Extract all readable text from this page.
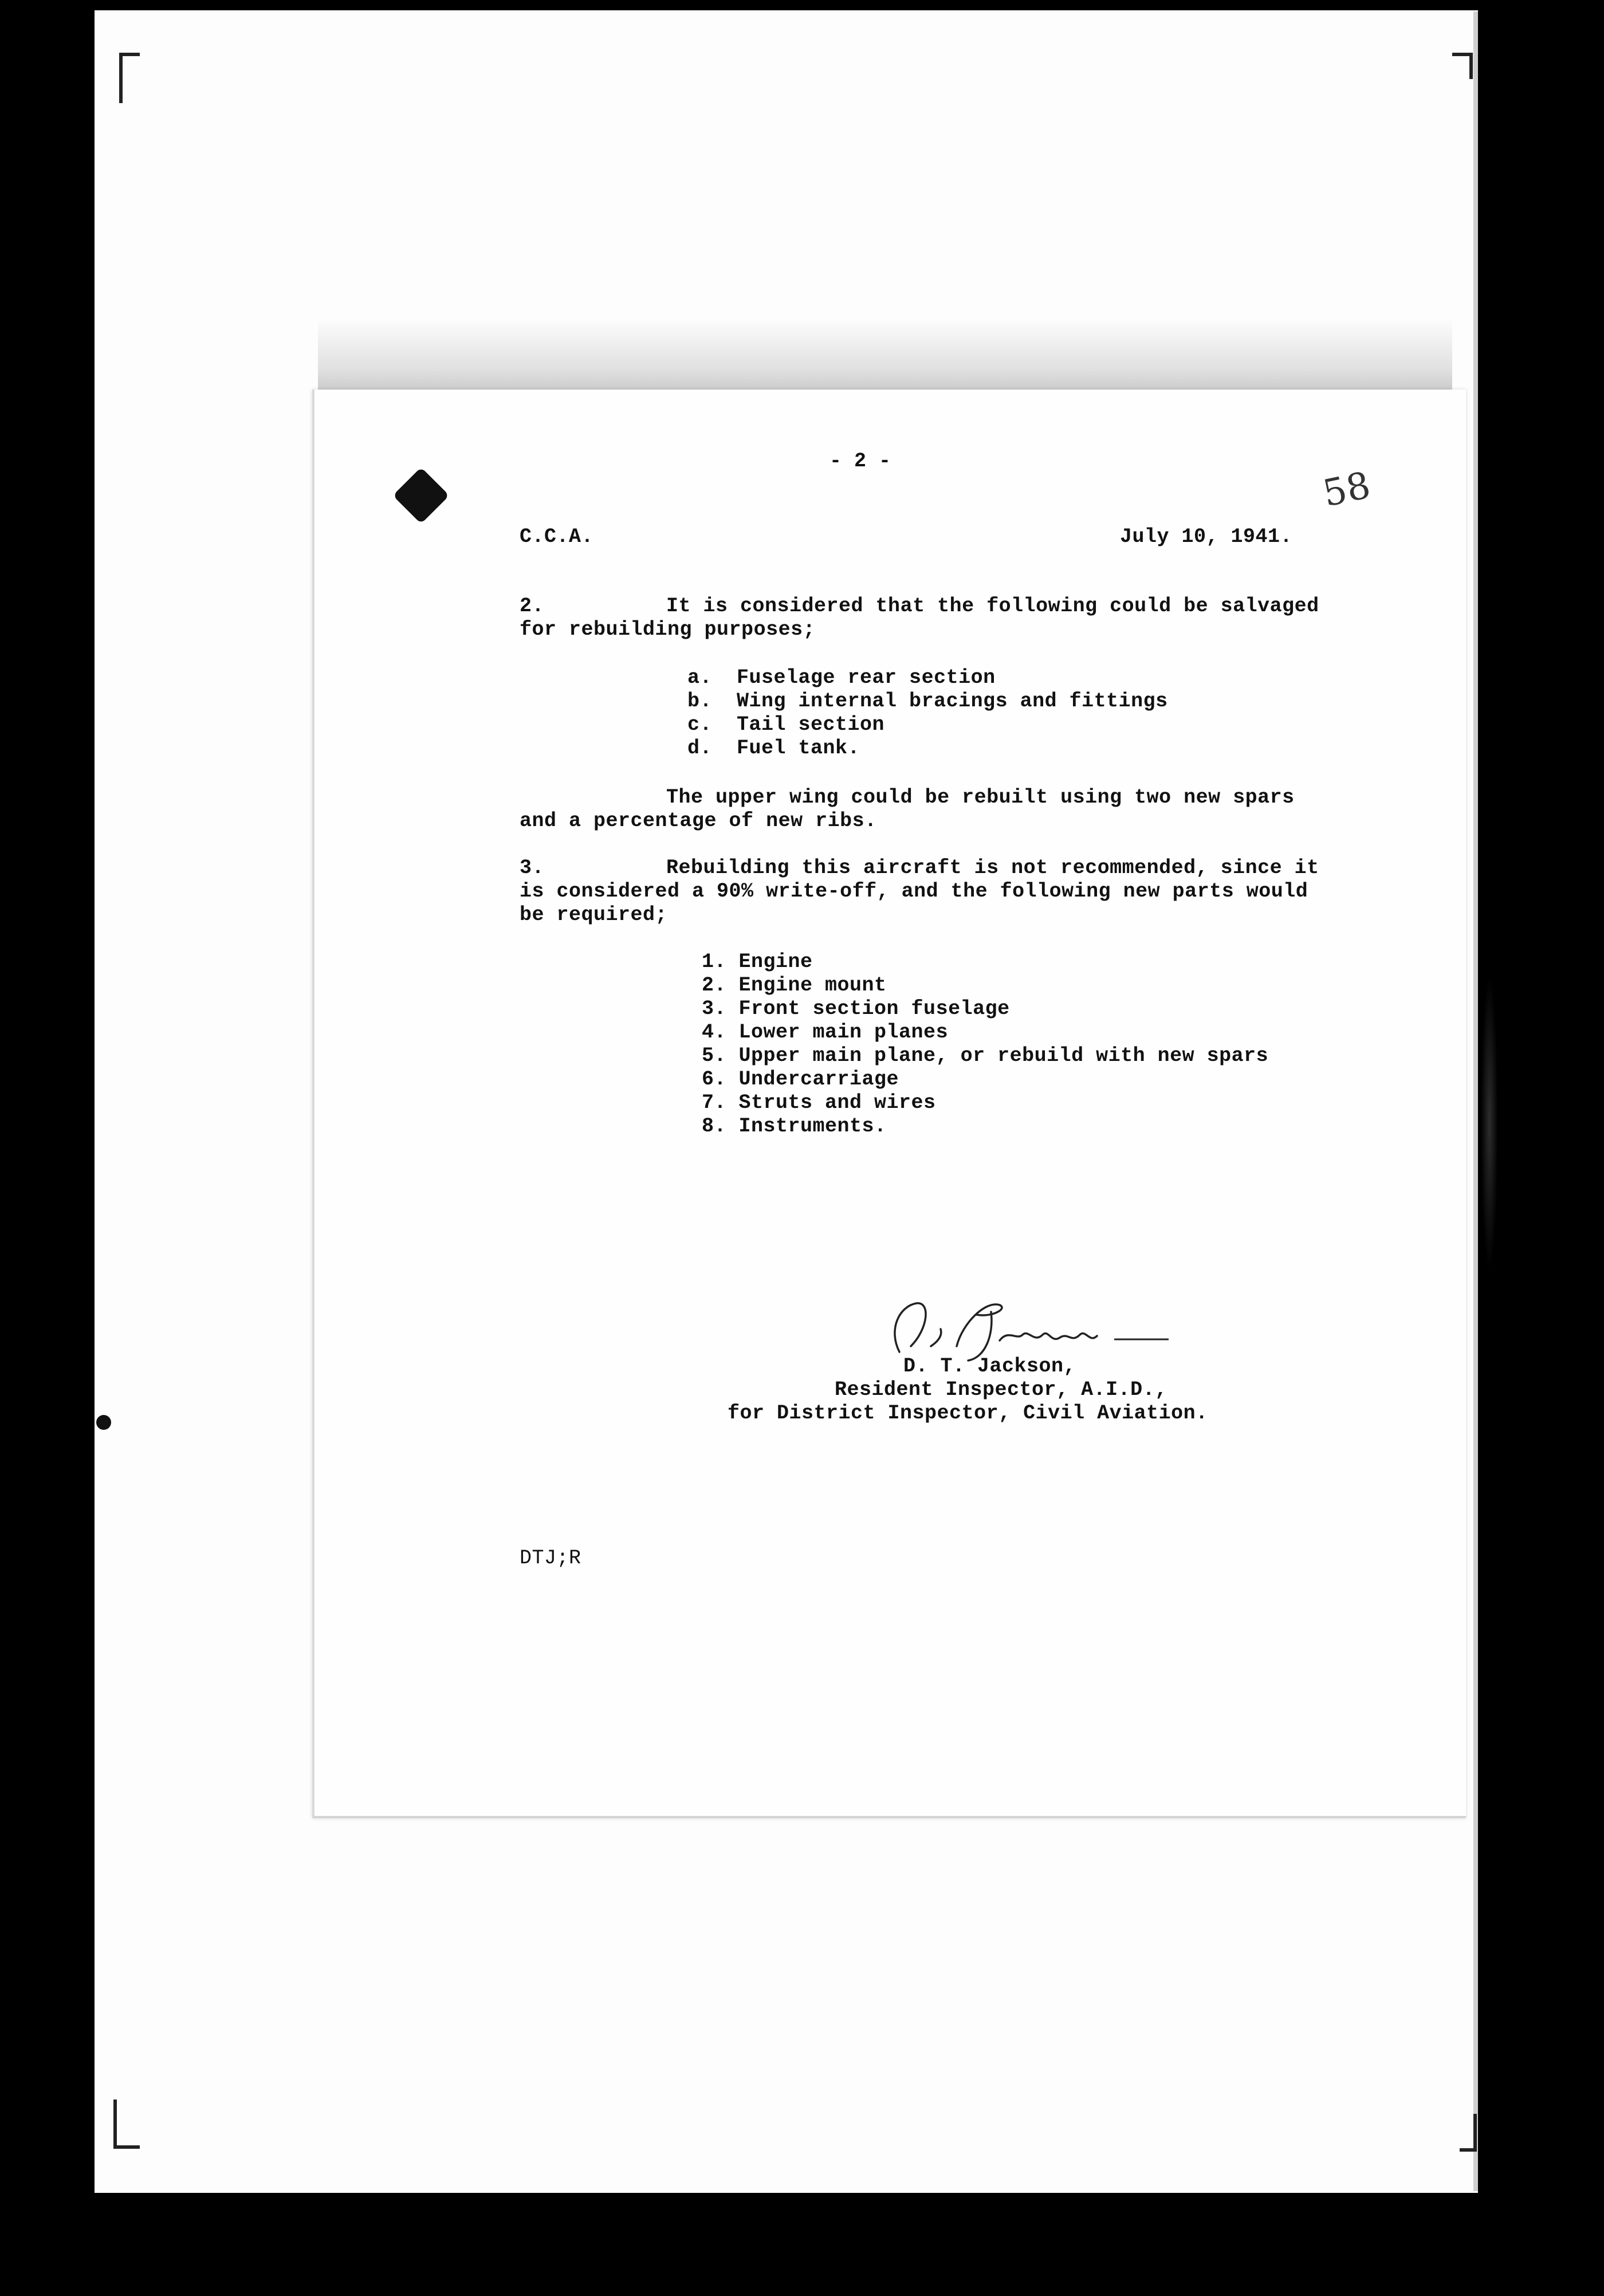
- 2 -
58
C.C.A.	July 10, 1941.
2.	It is considered that the following could be salvaged
for rebuilding purposes;
a.  Fuselage rear section
b.  Wing internal bracings and fittings
c.  Tail section
d.  Fuel tank.
The upper wing could be rebuilt using two new spars
and a percentage of new ribs.
3.	Rebuilding this aircraft is not recommended, since it
is considered a 90% write-off, and the following new parts would
be required;
1. Engine
2. Engine mount
3. Front section fuselage
4. Lower main planes
5. Upper main plane, or rebuild with new spars
6. Undercarriage
7. Struts and wires
8. Instruments.
D. T. Jackson,
Resident Inspector, A.I.D.,
for District Inspector, Civil Aviation.
DTJ;R
